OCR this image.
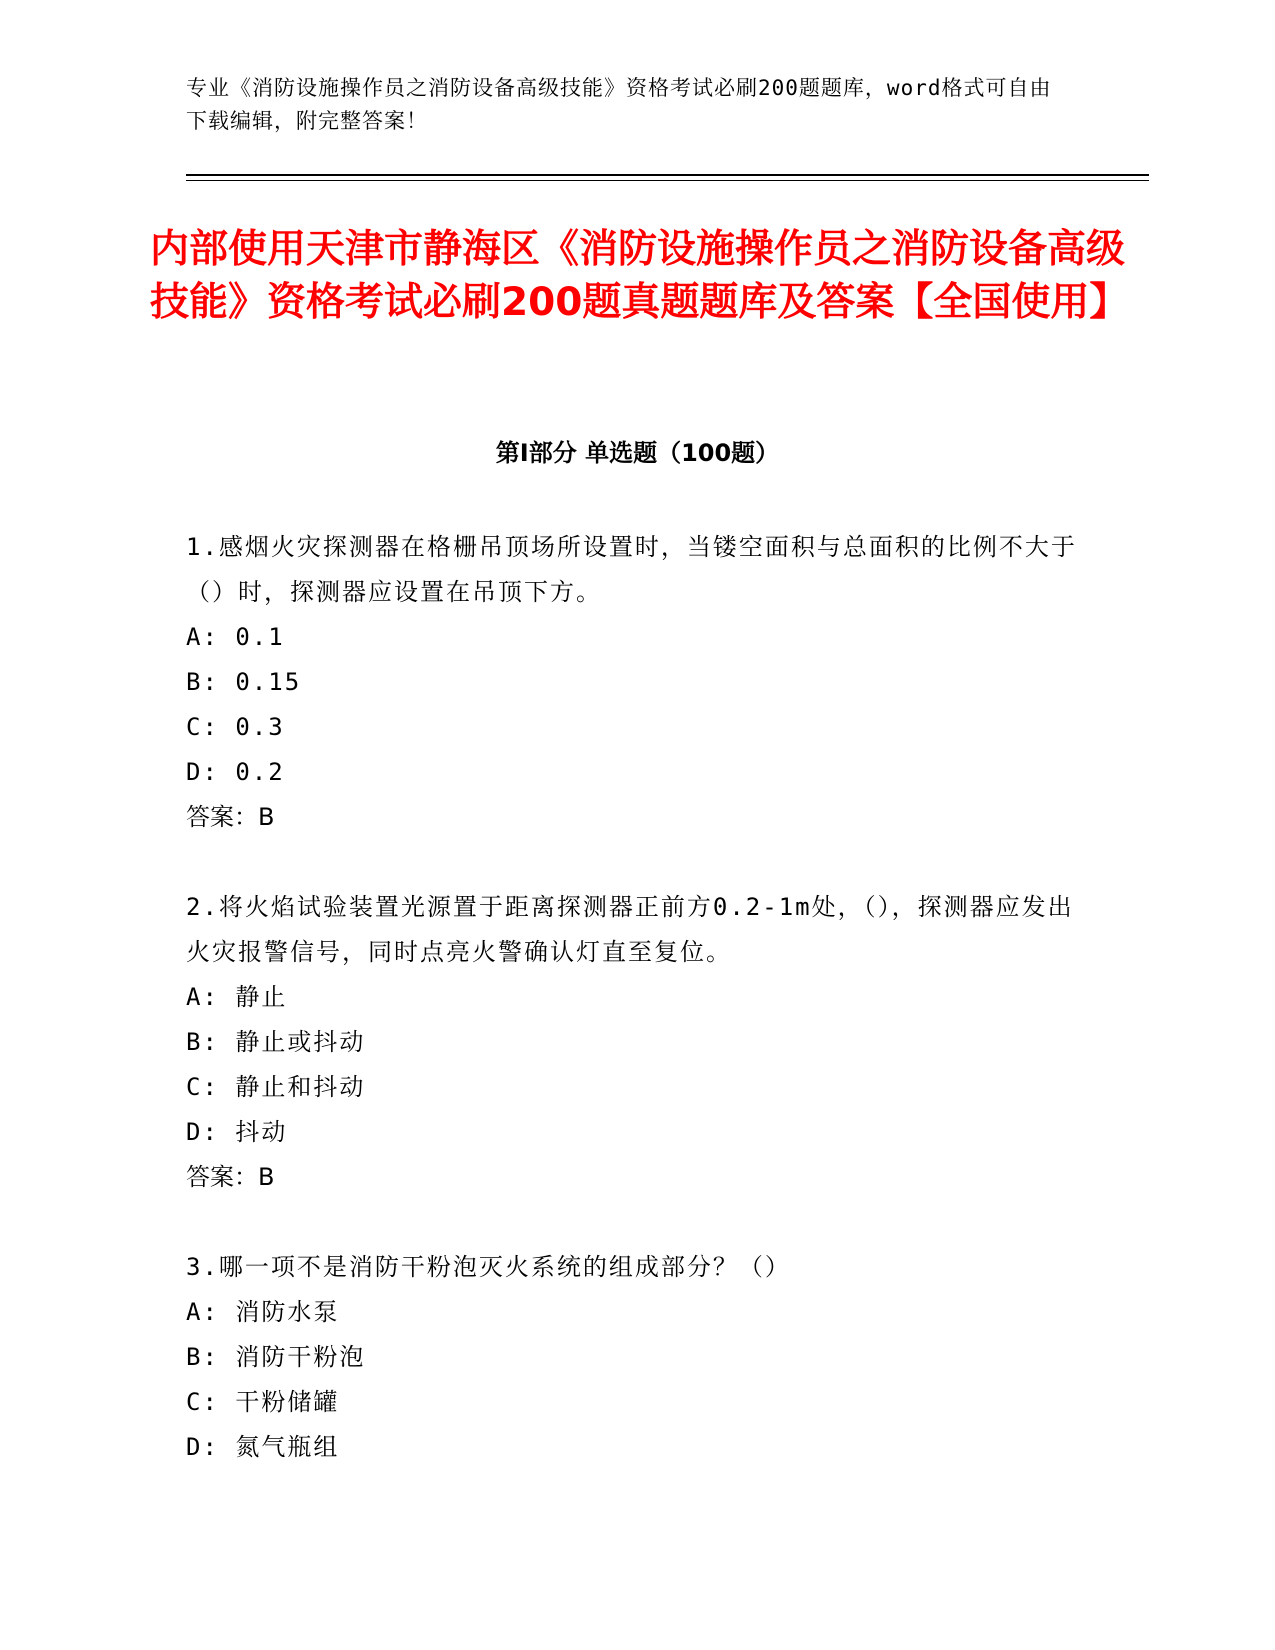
专业《消防设施操作员之消防设备高级技能》资格考试必刷200题题库，word格式可自由下载编辑，附完整答案！
内部使用天津市静海区《消防设施操作员之消防设备高级技能》资格考试必刷200题真题题库及答案【全国使用】
第Ⅰ部分 单选题（100题）

1.感烟火灾探测器在格栅吊顶场所设置时，当镂空面积与总面积的比例不大于（）时，探测器应设置在吊顶下方。

A: 0.1

B: 0.15

C: 0.3

D: 0.2

答案：B

2.将火焰试验装置光源置于距离探测器正前方0.2-1m处，（），探测器应发出火灾报警信号，同时点亮火警确认灯直至复位。

A: 静止

B: 静止或抖动

C: 静止和抖动

D: 抖动

答案：B

3.哪一项不是消防干粉泡灭火系统的组成部分？（）

A: 消防水泵

B: 消防干粉泡

C: 干粉储罐

D: 氮气瓶组
